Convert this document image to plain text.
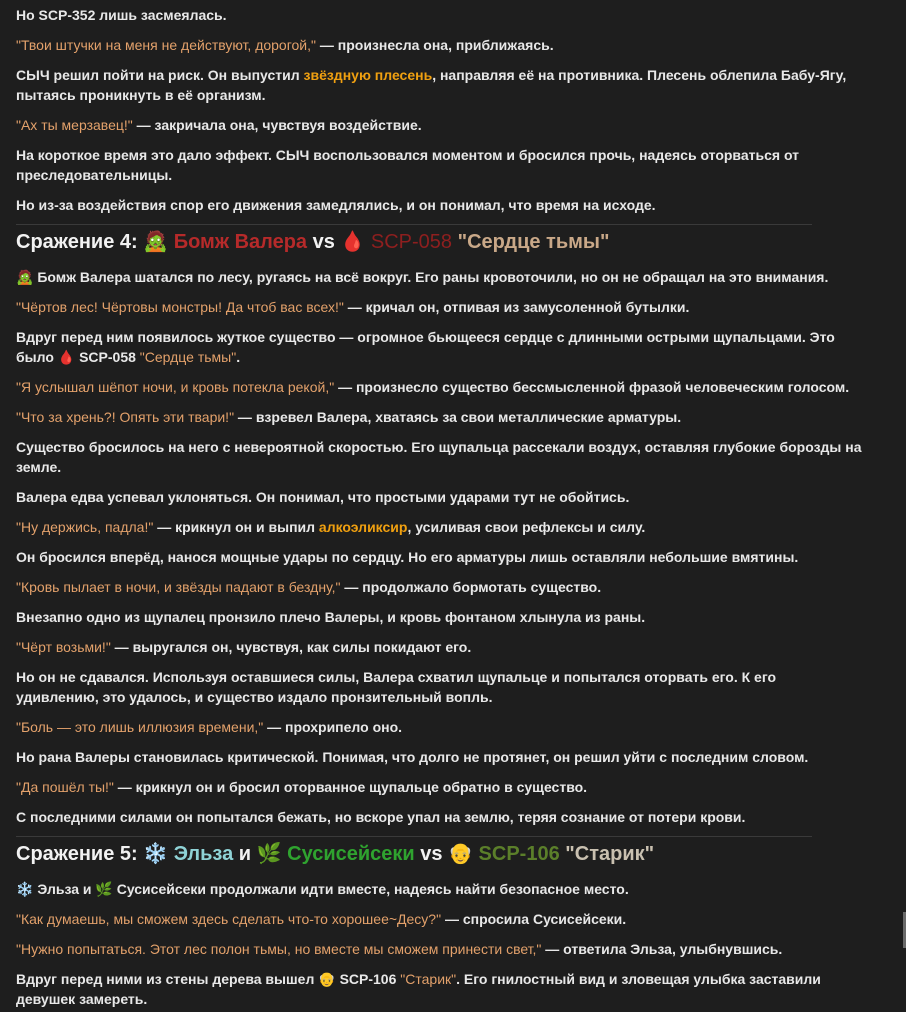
Но SCP-352 лишь засмеялась.

"Твои штучки на меня не действуют, дорогой," — произнесла она, приближаясь.

СЫЧ решил пойти на риск. Он выпустил звёздную плесень, направляя её на противника. Плесень облепила Бабу-Ягу, пытаясь проникнуть в её организм.

"Ах ты мерзавец!" — закричала она, чувствуя воздействие.

На короткое время это дало эффект. СЫЧ воспользовался моментом и бросился прочь, надеясь оторваться от преследовательницы.

Но из-за воздействия спор его движения замедлялись, и он понимал, что время на исходе.

Сражение 4: 🧟 Бомж Валера vs 🩸 SCP-058 "Сердце тьмы"

🧟 Бомж Валера шатался по лесу, ругаясь на всё вокруг. Его раны кровоточили, но он не обращал на это внимания.

"Чёртов лес! Чёртовы монстры! Да чтоб вас всех!" — кричал он, отпивая из замусоленной бутылки.

Вдруг перед ним появилось жуткое существо — огромное бьющееся сердце с длинными острыми щупальцами. Это было 🩸 SCP-058 "Сердце тьмы".

"Я услышал шёпот ночи, и кровь потекла рекой," — произнесло существо бессмысленной фразой человеческим голосом.

"Что за хрень?! Опять эти твари!" — взревел Валера, хватаясь за свои металлические арматуры.

Существо бросилось на него с невероятной скоростью. Его щупальца рассекали воздух, оставляя глубокие борозды на земле.

Валера едва успевал уклоняться. Он понимал, что простыми ударами тут не обойтись.

"Ну держись, падла!" — крикнул он и выпил алкоэликсир, усиливая свои рефлексы и силу.

Он бросился вперёд, нанося мощные удары по сердцу. Но его арматуры лишь оставляли небольшие вмятины.

"Кровь пылает в ночи, и звёзды падают в бездну," — продолжало бормотать существо.

Внезапно одно из щупалец пронзило плечо Валеры, и кровь фонтаном хлынула из раны.

"Чёрт возьми!" — выругался он, чувствуя, как силы покидают его.

Но он не сдавался. Используя оставшиеся силы, Валера схватил щупальце и попытался оторвать его. К его удивлению, это удалось, и существо издало пронзительный вопль.

"Боль — это лишь иллюзия времени," — прохрипело оно.

Но рана Валеры становилась критической. Понимая, что долго не протянет, он решил уйти с последним словом.

"Да пошёл ты!" — крикнул он и бросил оторванное щупальце обратно в существо.

С последними силами он попытался бежать, но вскоре упал на землю, теряя сознание от потери крови.

Сражение 5: ❄️ Эльза и 🌿 Сусисейсеки vs 👴 SCP-106 "Старик"

❄️ Эльза и 🌿 Сусисейсеки продолжали идти вместе, надеясь найти безопасное место.

"Как думаешь, мы сможем здесь сделать что-то хорошее~Десу?" — спросила Сусисейсеки.

"Нужно попытаться. Этот лес полон тьмы, но вместе мы сможем принести свет," — ответила Эльза, улыбнувшись.

Вдруг перед ними из стены дерева вышел 👴 SCP-106 "Старик". Его гнилостный вид и зловещая улыбка заставили девушек замереть.
